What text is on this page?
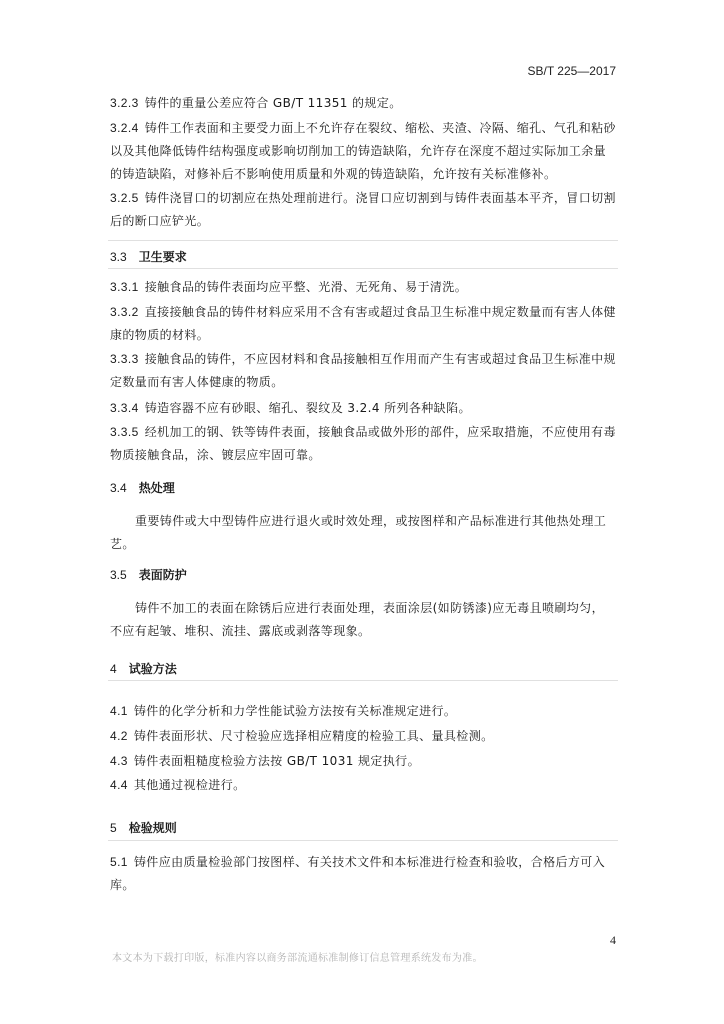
SB/T 225—2017
3.2.3 铸件的重量公差应符合 GB/T 11351 的规定。
3.2.4 铸件工作表面和主要受力面上不允许存在裂纹、缩松、夹渣、冷隔、缩孔、气孔和粘砂以及其他降低铸件结构强度或影响切削加工的铸造缺陷，允许存在深度不超过实际加工余量的铸造缺陷，对修补后不影响使用质量和外观的铸造缺陷，允许按有关标准修补。
3.2.5 铸件浇冒口的切割应在热处理前进行。浇冒口应切割到与铸件表面基本平齐，冒口切割后的断口应铲光。
3.3 卫生要求
3.3.1 接触食品的铸件表面均应平整、光滑、无死角、易于清洗。
3.3.2 直接接触食品的铸件材料应采用不含有害或超过食品卫生标准中规定数量而有害人体健康的物质的材料。
3.3.3 接触食品的铸件，不应因材料和食品接触相互作用而产生有害或超过食品卫生标准中规定数量而有害人体健康的物质。
3.3.4 铸造容器不应有砂眼、缩孔、裂纹及 3.2.4 所列各种缺陷。
3.3.5 经机加工的钢、铁等铸件表面，接触食品或做外形的部件，应采取措施，不应使用有毒物质接触食品，涂、镀层应牢固可靠。
3.4 热处理
重要铸件或大中型铸件应进行退火或时效处理，或按图样和产品标准进行其他热处理工艺。
3.5 表面防护
铸件不加工的表面在除锈后应进行表面处理，表面涂层(如防锈漆)应无毒且喷刷均匀，不应有起皱、堆积、流挂、露底或剥落等现象。
4 试验方法
4.1 铸件的化学分析和力学性能试验方法按有关标准规定进行。
4.2 铸件表面形状、尺寸检验应选择相应精度的检验工具、量具检测。
4.3 铸件表面粗糙度检验方法按 GB/T 1031 规定执行。
4.4 其他通过视检进行。
5 检验规则
5.1 铸件应由质量检验部门按图样、有关技术文件和本标准进行检查和验收，合格后方可入库。
4
本文本为下载打印版，标准内容以商务部流通标准制修订信息管理系统发布为准。
